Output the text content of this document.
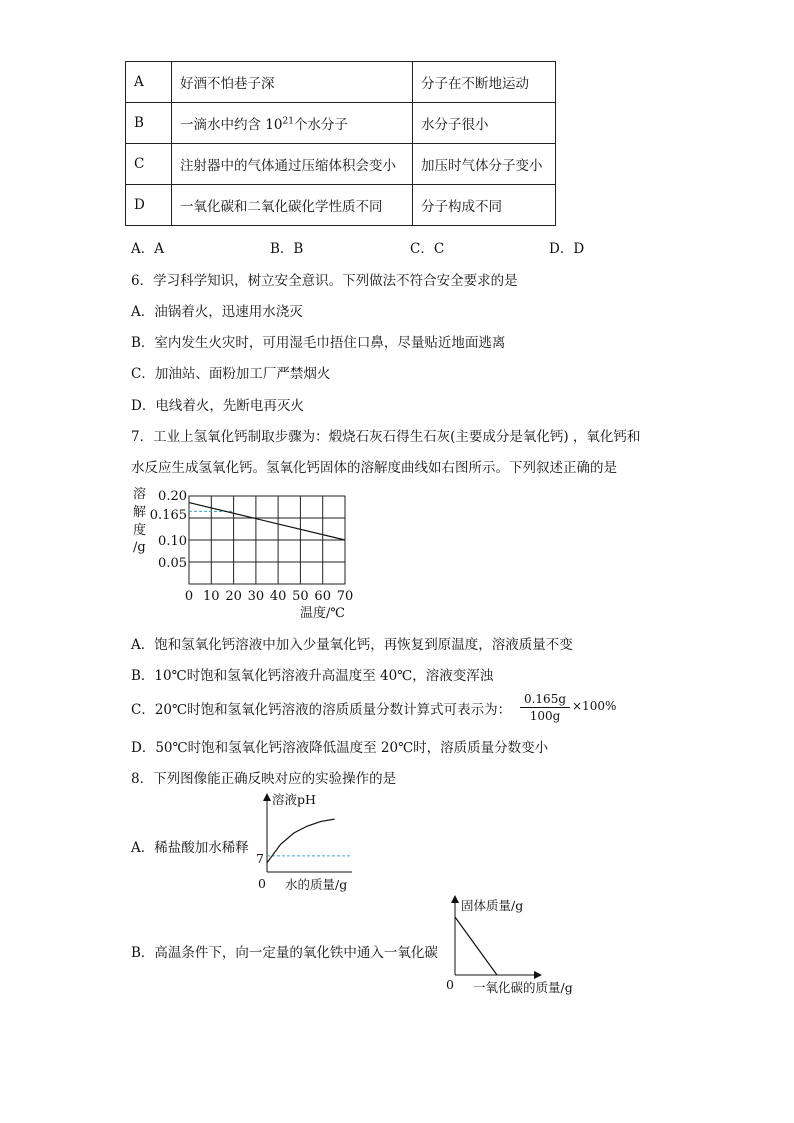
A	好酒不怕巷子深	分子在不断地运动
B	一滴水中约含 $10^{21}$个水分子	水分子很小
C	注射器中的气体通过压缩体积会变小	加压时气体分子变小
D	一氧化碳和二氧化碳化学性质不同	分子构成不同
A．A	B．B	C．C	D．D
6．学习科学知识，树立安全意识。下列做法不符合安全要求的是
A．油锅着火，迅速用水浇灭
B．室内发生火灾时，可用湿毛巾捂住口鼻，尽量贴近地面逃离
C．加油站、面粉加工厂严禁烟火
D．电线着火，先断电再灭火
7．工业上氢氧化钙制取步骤为：煅烧石灰石得生石灰(主要成分是氧化钙) ，氧化钙和
水反应生成氢氧化钙。氢氧化钙固体的溶解度曲线如右图所示。下列叙述正确的是
溶
解
度
/g
0.20
0.165
0.10
0.05
0 10 20 30 40 50 60 70
温度/℃
A．饱和氢氧化钙溶液中加入少量氧化钙，再恢复到原温度，溶液质量不变
B．10℃时饱和氢氧化钙溶液升高温度至 40℃，溶液变浑浊
C．20℃时饱和氢氧化钙溶液的溶质质量分数计算式可表示为： $\frac{0.165g}{100g} \times 100\%$
D．50℃时饱和氢氧化钙溶液降低温度至 20℃时，溶质质量分数变小
8．下列图像能正确反映对应的实验操作的是
A．稀盐酸加水稀释
溶液pH
7
0 水的质量/g
B．高温条件下，向一定量的氧化铁中通入一氧化碳
固体质量/g
0 一氧化碳的质量/g
